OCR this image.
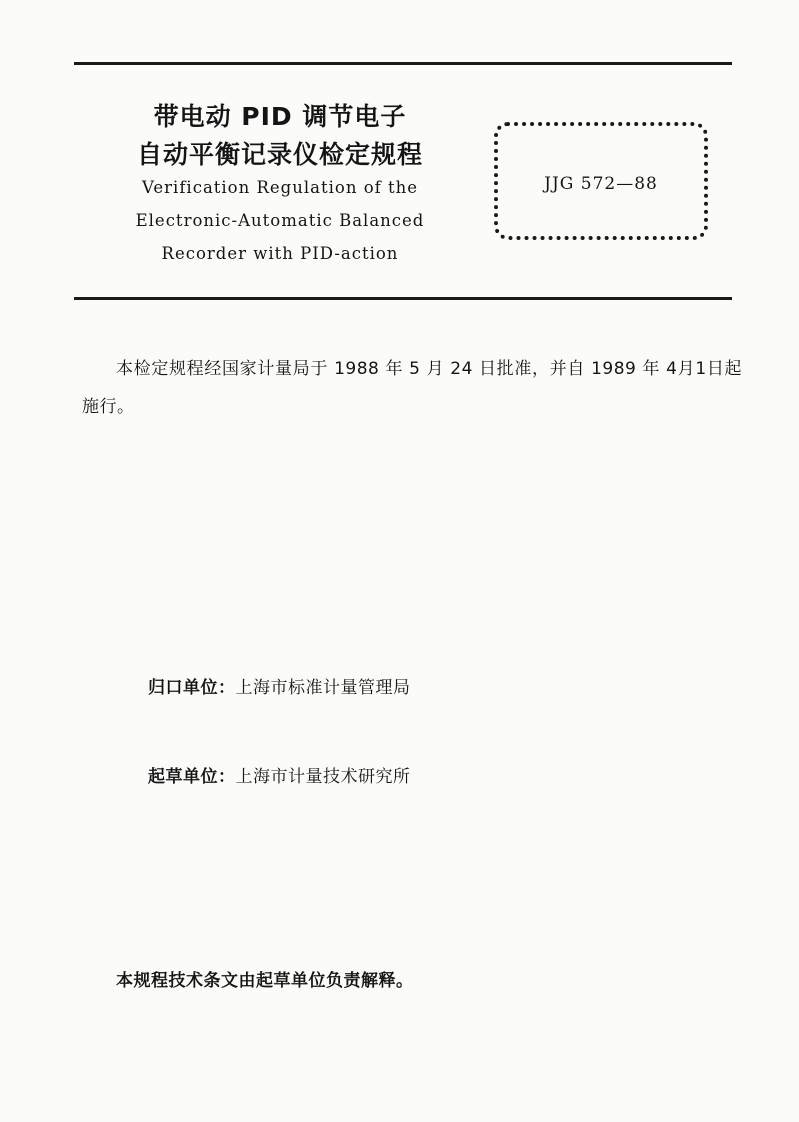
带电动 PID 调节电子
自动平衡记录仪检定规程
Verification Regulation of the
Electronic-Automatic Balanced
Recorder with PID-action
JJG 572—88
本检定规程经国家计量局于 1988 年 5 月 24 日批准，并自 1989 年 4月1日起施行。
归口单位：上海市标准计量管理局
起草单位：上海市计量技术研究所
本规程技术条文由起草单位负责解释。
